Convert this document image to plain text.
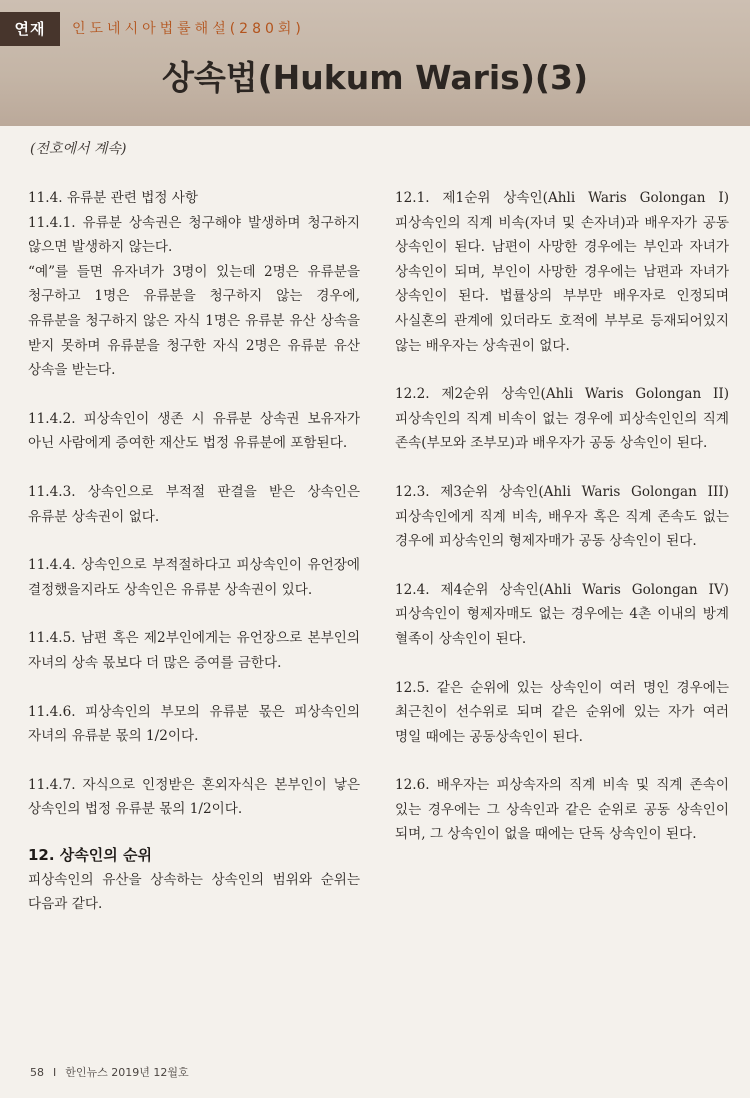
연재	인도네시아법률해설(280회)
상속법(Hukum Waris)(3)
(전호에서 계속)

11.4. 유류분 관련 법정 사항

11.4.1. 유류분 상속권은 청구해야 발생하며 청구하지 않으면 발생하지 않는다.

“예”를 들면 유자녀가 3명이 있는데 2명은 유류분을 청구하고 1명은 유류분을 청구하지 않는 경우에, 유류분을 청구하지 않은 자식 1명은 유류분 유산 상속을 받지 못하며 유류분을 청구한 자식 2명은 유류분 유산 상속을 받는다.

11.4.2. 피상속인이 생존 시 유류분 상속권 보유자가 아닌 사람에게 증여한 재산도 법정 유류분에 포함된다.

11.4.3. 상속인으로 부적절 판결을 받은 상속인은 유류분 상속권이 없다.

11.4.4. 상속인으로 부적절하다고 피상속인이 유언장에 결정했을지라도 상속인은 유류분 상속권이 있다.

11.4.5. 남편 혹은 제2부인에게는 유언장으로 본부인의 자녀의 상속 몫보다 더 많은 증여를 금한다.

11.4.6. 피상속인의 부모의 유류분 몫은 피상속인의 자녀의 유류분 몫의 1/2이다.

11.4.7. 자식으로 인정받은 혼외자식은 본부인이 낳은 상속인의 법정 유류분 몫의 1/2이다.

12. 상속인의 순위

피상속인의 유산을 상속하는 상속인의 범위와 순위는 다음과 같다.

12.1. 제1순위 상속인(Ahli Waris Golongan I) 피상속인의 직계 비속(자녀 및 손자녀)과 배우자가 공동 상속인이 된다. 남편이 사망한 경우에는 부인과 자녀가 상속인이 되며, 부인이 사망한 경우에는 남편과 자녀가 상속인이 된다. 법률상의 부부만 배우자로 인정되며 사실혼의 관계에 있더라도 호적에 부부로 등재되어있지 않는 배우자는 상속권이 없다.

12.2. 제2순위 상속인(Ahli Waris Golongan II) 피상속인의 직계 비속이 없는 경우에 피상속인인의 직계 존속(부모와 조부모)과 배우자가 공동 상속인이 된다.

12.3. 제3순위 상속인(Ahli Waris Golongan III) 피상속인에게 직계 비속, 배우자 혹은 직계 존속도 없는 경우에 피상속인의 형제자매가 공동 상속인이 된다.

12.4. 제4순위 상속인(Ahli Waris Golongan IV) 피상속인이 형제자매도 없는 경우에는 4촌 이내의 방계 혈족이 상속인이 된다.

12.5. 같은 순위에 있는 상속인이 여러 명인 경우에는 최근친이 선수위로 되며 같은 순위에 있는 자가 여러 명일 때에는 공동상속인이 된다.

12.6. 배우자는 피상속자의 직계 비속 및 직계 존속이 있는 경우에는 그 상속인과 같은 순위로 공동 상속인이 되며, 그 상속인이 없을 때에는 단독 상속인이 된다.

58 I 한인뉴스 2019년 12월호
